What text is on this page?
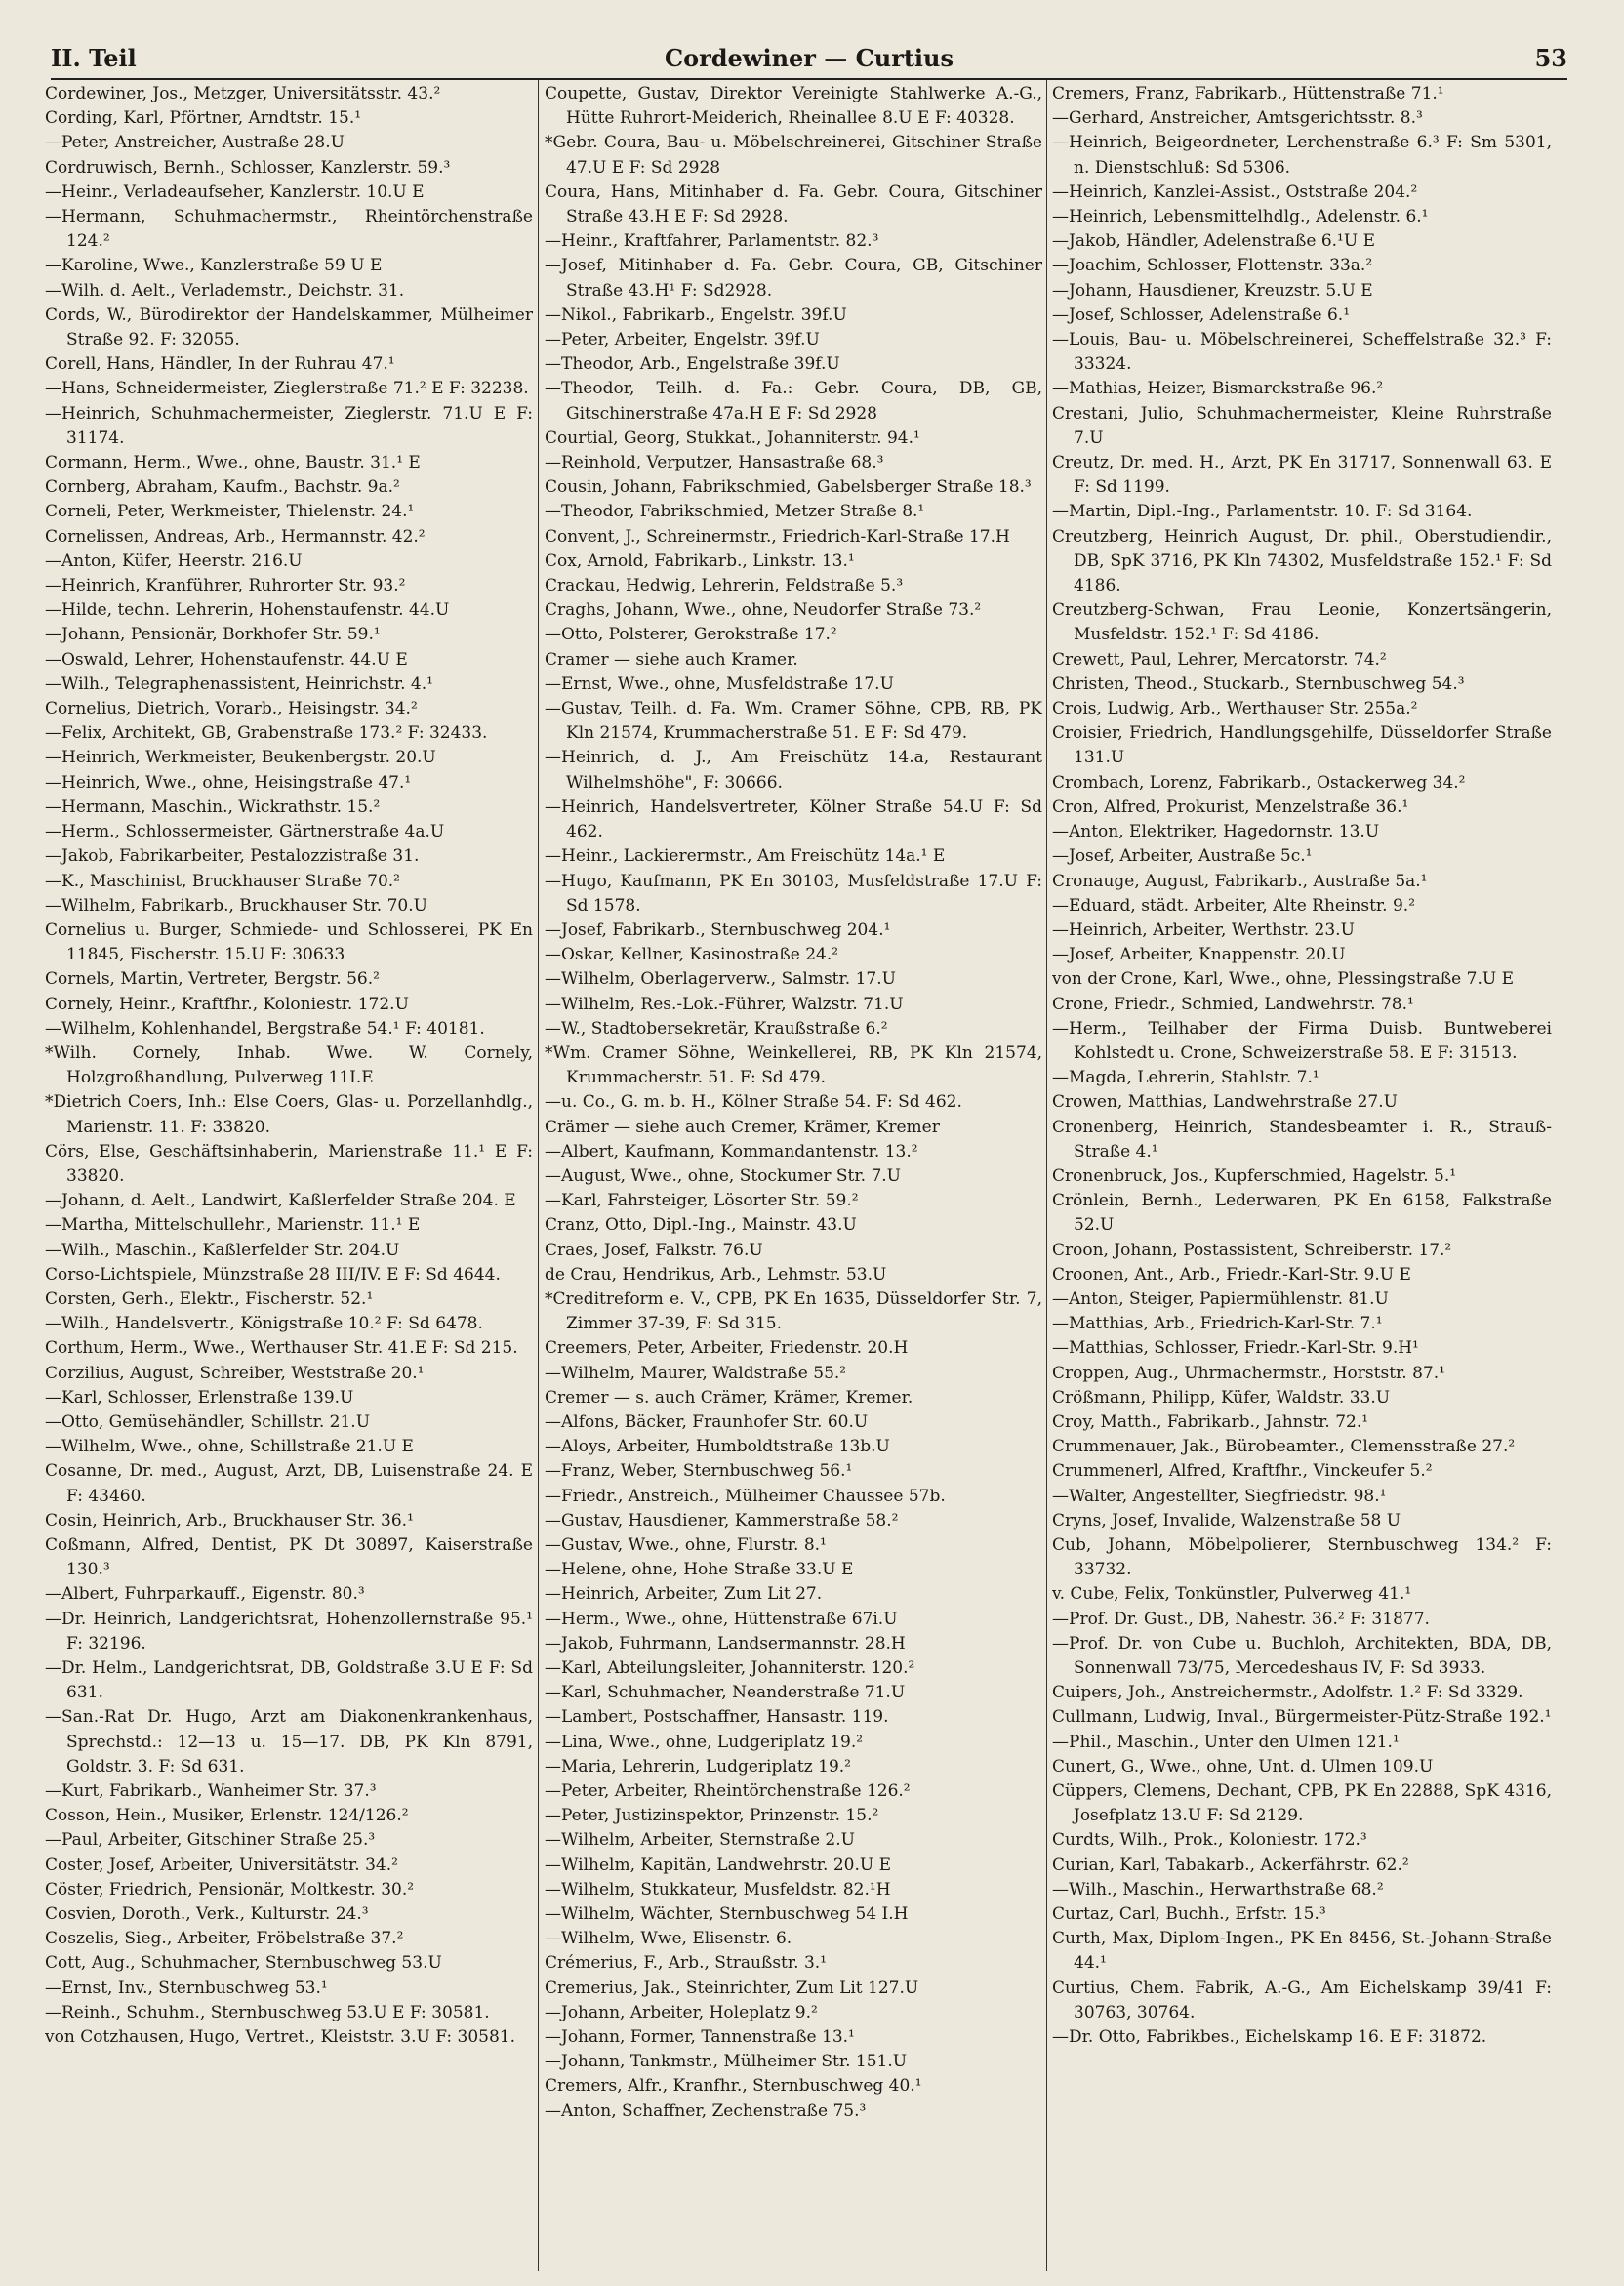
II. Teil	Cordewiner — Curtius	53

Cordewiner, Jos., Metzger, Universitätsstr. 43.²

Cording, Karl, Pförtner, Arndtstr. 15.¹

—Peter, Anstreicher, Austraße 28.U

Cordruwisch, Bernh., Schlosser, Kanzlerstr. 59.³

—Heinr., Verladeaufseher, Kanzlerstr. 10.U E

—Hermann, Schuhmachermstr., Rheintörchenstraße 124.²

—Karoline, Wwe., Kanzlerstraße 59 U E

—Wilh. d. Aelt., Verlademstr., Deichstr. 31.

Cords, W., Bürodirektor der Handelskammer, Mülheimer Straße 92. F: 32055.

Corell, Hans, Händler, In der Ruhrau 47.¹

—Hans, Schneidermeister, Zieglerstraße 71.² E F: 32238.

—Heinrich, Schuhmachermeister, Zieglerstr. 71.U E F: 31174.

Cormann, Herm., Wwe., ohne, Baustr. 31.¹ E

Cornberg, Abraham, Kaufm., Bachstr. 9a.²

Corneli, Peter, Werkmeister, Thielenstr. 24.¹

Cornelissen, Andreas, Arb., Hermannstr. 42.²

—Anton, Küfer, Heerstr. 216.U

—Heinrich, Kranführer, Ruhrorter Str. 93.²

—Hilde, techn. Lehrerin, Hohenstaufenstr. 44.U

—Johann, Pensionär, Borkhofer Str. 59.¹

—Oswald, Lehrer, Hohenstaufenstr. 44.U E

—Wilh., Telegraphenassistent, Heinrichstr. 4.¹

Cornelius, Dietrich, Vorarb., Heisingstr. 34.²

—Felix, Architekt, GB, Grabenstraße 173.² F: 32433.

—Heinrich, Werkmeister, Beukenbergstr. 20.U

—Heinrich, Wwe., ohne, Heisingstraße 47.¹

—Hermann, Maschin., Wickrathstr. 15.²

—Herm., Schlossermeister, Gärtnerstraße 4a.U

—Jakob, Fabrikarbeiter, Pestalozzistraße 31.

—K., Maschinist, Bruckhauser Straße 70.²

—Wilhelm, Fabrikarb., Bruckhauser Str. 70.U

Cornelius u. Burger, Schmiede- und Schlosserei, PK En 11845, Fischerstr. 15.U F: 30633

Cornels, Martin, Vertreter, Bergstr. 56.²

Cornely, Heinr., Kraftfhr., Koloniestr. 172.U

—Wilhelm, Kohlenhandel, Bergstraße 54.¹ F: 40181.

*Wilh. Cornely, Inhab. Wwe. W. Cornely, Holzgroßhandlung, Pulverweg 11I.E

*Dietrich Coers, Inh.: Else Coers, Glas- u. Porzellanhdlg., Marienstr. 11. F: 33820.

Cörs, Else, Geschäftsinhaberin, Marienstraße 11.¹ E F: 33820.

—Johann, d. Aelt., Landwirt, Kaßlerfelder Straße 204. E

—Martha, Mittelschullehr., Marienstr. 11.¹ E

—Wilh., Maschin., Kaßlerfelder Str. 204.U

Corso-Lichtspiele, Münzstraße 28 III/IV. E F: Sd 4644.

Corsten, Gerh., Elektr., Fischerstr. 52.¹

—Wilh., Handelsvertr., Königstraße 10.² F: Sd 6478.

Corthum, Herm., Wwe., Werthauser Str. 41.E F: Sd 215.

Corzilius, August, Schreiber, Weststraße 20.¹

—Karl, Schlosser, Erlenstraße 139.U

—Otto, Gemüsehändler, Schillstr. 21.U

—Wilhelm, Wwe., ohne, Schillstraße 21.U E

Cosanne, Dr. med., August, Arzt, DB, Luisenstraße 24. E F: 43460.

Cosin, Heinrich, Arb., Bruckhauser Str. 36.¹

Coßmann, Alfred, Dentist, PK Dt 30897, Kaiserstraße 130.³

—Albert, Fuhrparkauff., Eigenstr. 80.³

—Dr. Heinrich, Landgerichtsrat, Hohenzollernstraße 95.¹ F: 32196.

—Dr. Helm., Landgerichtsrat, DB, Goldstraße 3.U E F: Sd 631.

—San.-Rat Dr. Hugo, Arzt am Diakonenkrankenhaus, Sprechstd.: 12—13 u. 15—17. DB, PK Kln 8791, Goldstr. 3. F: Sd 631.

—Kurt, Fabrikarb., Wanheimer Str. 37.³

Cosson, Hein., Musiker, Erlenstr. 124/126.²

—Paul, Arbeiter, Gitschiner Straße 25.³

Coster, Josef, Arbeiter, Universitätstr. 34.²

Cöster, Friedrich, Pensionär, Moltkestr. 30.²

Cosvien, Doroth., Verk., Kulturstr. 24.³

Coszelis, Sieg., Arbeiter, Fröbelstraße 37.²

Cott, Aug., Schuhmacher, Sternbuschweg 53.U

—Ernst, Inv., Sternbuschweg 53.¹

—Reinh., Schuhm., Sternbuschweg 53.U E F: 30581.

von Cotzhausen, Hugo, Vertret., Kleiststr. 3.U F: 30581.

Coupette, Gustav, Direktor Vereinigte Stahlwerke A.-G., Hütte Ruhrort-Meiderich, Rheinallee 8.U E F: 40328.

*Gebr. Coura, Bau- u. Möbelschreinerei, Gitschiner Straße 47.U E F: Sd 2928

Coura, Hans, Mitinhaber d. Fa. Gebr. Coura, Gitschiner Straße 43.H E F: Sd 2928.

—Heinr., Kraftfahrer, Parlamentstr. 82.³

—Josef, Mitinhaber d. Fa. Gebr. Coura, GB, Gitschiner Straße 43.H¹ F: Sd2928.

—Nikol., Fabrikarb., Engelstr. 39f.U

—Peter, Arbeiter, Engelstr. 39f.U

—Theodor, Arb., Engelstraße 39f.U

—Theodor, Teilh. d. Fa.: Gebr. Coura, DB, GB, Gitschinerstraße 47a.H E F: Sd 2928

Courtial, Georg, Stukkat., Johanniterstr. 94.¹

—Reinhold, Verputzer, Hansastraße 68.³

Cousin, Johann, Fabrikschmied, Gabelsberger Straße 18.³

—Theodor, Fabrikschmied, Metzer Straße 8.¹

Convent, J., Schreinermstr., Friedrich-Karl-Straße 17.H

Cox, Arnold, Fabrikarb., Linkstr. 13.¹

Crackau, Hedwig, Lehrerin, Feldstraße 5.³

Craghs, Johann, Wwe., ohne, Neudorfer Straße 73.²

—Otto, Polsterer, Gerokstraße 17.²

Cramer — siehe auch Kramer.

—Ernst, Wwe., ohne, Musfeldstraße 17.U

—Gustav, Teilh. d. Fa. Wm. Cramer Söhne, CPB, RB, PK Kln 21574, Krummacherstraße 51. E F: Sd 479.

—Heinrich, d. J., Am Freischütz 14.a, Restaurant Wilhelmshöhe", F: 30666.

—Heinrich, Handelsvertreter, Kölner Straße 54.U F: Sd 462.

—Heinr., Lackierermstr., Am Freischütz 14a.¹ E

—Hugo, Kaufmann, PK En 30103, Musfeldstraße 17.U F: Sd 1578.

—Josef, Fabrikarb., Sternbuschweg 204.¹

—Oskar, Kellner, Kasinostraße 24.²

—Wilhelm, Oberlagerverw., Salmstr. 17.U

—Wilhelm, Res.-Lok.-Führer, Walzstr. 71.U

—W., Stadtobersekretär, Kraußstraße 6.²

*Wm. Cramer Söhne, Weinkellerei, RB, PK Kln 21574, Krummacherstr. 51. F: Sd 479.

—u. Co., G. m. b. H., Kölner Straße 54. F: Sd 462.

Crämer — siehe auch Cremer, Krämer, Kremer

—Albert, Kaufmann, Kommandantenstr. 13.²

—August, Wwe., ohne, Stockumer Str. 7.U

—Karl, Fahrsteiger, Lösorter Str. 59.²

Cranz, Otto, Dipl.-Ing., Mainstr. 43.U

Craes, Josef, Falkstr. 76.U

de Crau, Hendrikus, Arb., Lehmstr. 53.U

*Creditreform e. V., CPB, PK En 1635, Düsseldorfer Str. 7, Zimmer 37-39, F: Sd 315.

Creemers, Peter, Arbeiter, Friedenstr. 20.H

—Wilhelm, Maurer, Waldstraße 55.²

Cremer — s. auch Crämer, Krämer, Kremer.

—Alfons, Bäcker, Fraunhofer Str. 60.U

—Aloys, Arbeiter, Humboldtstraße 13b.U

—Franz, Weber, Sternbuschweg 56.¹

—Friedr., Anstreich., Mülheimer Chaussee 57b.

—Gustav, Hausdiener, Kammerstraße 58.²

—Gustav, Wwe., ohne, Flurstr. 8.¹

—Helene, ohne, Hohe Straße 33.U E

—Heinrich, Arbeiter, Zum Lit 27.

—Herm., Wwe., ohne, Hüttenstraße 67i.U

—Jakob, Fuhrmann, Landsermannstr. 28.H

—Karl, Abteilungsleiter, Johanniterstr. 120.²

—Karl, Schuhmacher, Neanderstraße 71.U

—Lambert, Postschaffner, Hansastr. 119.

—Lina, Wwe., ohne, Ludgeriplatz 19.²

—Maria, Lehrerin, Ludgeriplatz 19.²

—Peter, Arbeiter, Rheintörchenstraße 126.²

—Peter, Justizinspektor, Prinzenstr. 15.²

—Wilhelm, Arbeiter, Sternstraße 2.U

—Wilhelm, Kapitän, Landwehrstr. 20.U E

—Wilhelm, Stukkateur, Musfeldstr. 82.¹H

—Wilhelm, Wächter, Sternbuschweg 54 I.H

—Wilhelm, Wwe, Elisenstr. 6.

Crémerius, F., Arb., Straußstr. 3.¹

Cremerius, Jak., Steinrichter, Zum Lit 127.U

—Johann, Arbeiter, Holeplatz 9.²

—Johann, Former, Tannenstraße 13.¹

—Johann, Tankmstr., Mülheimer Str. 151.U

Cremers, Alfr., Kranfhr., Sternbuschweg 40.¹

—Anton, Schaffner, Zechenstraße 75.³

Cremers, Franz, Fabrikarb., Hüttenstraße 71.¹

—Gerhard, Anstreicher, Amtsgerichtsstr. 8.³

—Heinrich, Beigeordneter, Lerchenstraße 6.³ F: Sm 5301, n. Dienstschluß: Sd 5306.

—Heinrich, Kanzlei-Assist., Oststraße 204.²

—Heinrich, Lebensmittelhdlg., Adelenstr. 6.¹

—Jakob, Händler, Adelenstraße 6.¹U E

—Joachim, Schlosser, Flottenstr. 33a.²

—Johann, Hausdiener, Kreuzstr. 5.U E

—Josef, Schlosser, Adelenstraße 6.¹

—Louis, Bau- u. Möbelschreinerei, Scheffelstraße 32.³ F: 33324.

—Mathias, Heizer, Bismarckstraße 96.²

Crestani, Julio, Schuhmachermeister, Kleine Ruhrstraße 7.U

Creutz, Dr. med. H., Arzt, PK En 31717, Sonnenwall 63. E F: Sd 1199.

—Martin, Dipl.-Ing., Parlamentstr. 10. F: Sd 3164.

Creutzberg, Heinrich August, Dr. phil., Oberstudiendir., DB, SpK 3716, PK Kln 74302, Musfeldstraße 152.¹ F: Sd 4186.

Creutzberg-Schwan, Frau Leonie, Konzertsängerin, Musfeldstr. 152.¹ F: Sd 4186.

Crewett, Paul, Lehrer, Mercatorstr. 74.²

Christen, Theod., Stuckarb., Sternbuschweg 54.³

Crois, Ludwig, Arb., Werthauser Str. 255a.²

Croisier, Friedrich, Handlungsgehilfe, Düsseldorfer Straße 131.U

Crombach, Lorenz, Fabrikarb., Ostackerweg 34.²

Cron, Alfred, Prokurist, Menzelstraße 36.¹

—Anton, Elektriker, Hagedornstr. 13.U

—Josef, Arbeiter, Austraße 5c.¹

Cronauge, August, Fabrikarb., Austraße 5a.¹

—Eduard, städt. Arbeiter, Alte Rheinstr. 9.²

—Heinrich, Arbeiter, Werthstr. 23.U

—Josef, Arbeiter, Knappenstr. 20.U

von der Crone, Karl, Wwe., ohne, Plessingstraße 7.U E

Crone, Friedr., Schmied, Landwehrstr. 78.¹

—Herm., Teilhaber der Firma Duisb. Buntweberei Kohlstedt u. Crone, Schweizerstraße 58. E F: 31513.

—Magda, Lehrerin, Stahlstr. 7.¹

Crowen, Matthias, Landwehrstraße 27.U

Cronenberg, Heinrich, Standesbeamter i. R., Strauß-Straße 4.¹

Cronenbruck, Jos., Kupferschmied, Hagelstr. 5.¹

Crönlein, Bernh., Lederwaren, PK En 6158, Falkstraße 52.U

Croon, Johann, Postassistent, Schreiberstr. 17.²

Croonen, Ant., Arb., Friedr.-Karl-Str. 9.U E

—Anton, Steiger, Papiermühlenstr. 81.U

—Matthias, Arb., Friedrich-Karl-Str. 7.¹

—Matthias, Schlosser, Friedr.-Karl-Str. 9.H¹

Croppen, Aug., Uhrmachermstr., Horststr. 87.¹

Crößmann, Philipp, Küfer, Waldstr. 33.U

Croy, Matth., Fabrikarb., Jahnstr. 72.¹

Crummenauer, Jak., Bürobeamter., Clemensstraße 27.²

Crummenerl, Alfred, Kraftfhr., Vinckeufer 5.²

—Walter, Angestellter, Siegfriedstr. 98.¹

Cryns, Josef, Invalide, Walzenstraße 58 U

Cub, Johann, Möbelpolierer, Sternbuschweg 134.² F: 33732.

v. Cube, Felix, Tonkünstler, Pulverweg 41.¹

—Prof. Dr. Gust., DB, Nahestr. 36.² F: 31877.

—Prof. Dr. von Cube u. Buchloh, Architekten, BDA, DB, Sonnenwall 73/75, Mercedeshaus IV, F: Sd 3933.

Cuipers, Joh., Anstreichermstr., Adolfstr. 1.² F: Sd 3329.

Cullmann, Ludwig, Inval., Bürgermeister-Pütz-Straße 192.¹

—Phil., Maschin., Unter den Ulmen 121.¹

Cunert, G., Wwe., ohne, Unt. d. Ulmen 109.U

Cüppers, Clemens, Dechant, CPB, PK En 22888, SpK 4316, Josefplatz 13.U F: Sd 2129.

Curdts, Wilh., Prok., Koloniestr. 172.³

Curian, Karl, Tabakarb., Ackerfährstr. 62.²

—Wilh., Maschin., Herwarthstraße 68.²

Curtaz, Carl, Buchh., Erfstr. 15.³

Curth, Max, Diplom-Ingen., PK En 8456, St.-Johann-Straße 44.¹

Curtius, Chem. Fabrik, A.-G., Am Eichelskamp 39/41 F: 30763, 30764.

—Dr. Otto, Fabrikbes., Eichelskamp 16. E F: 31872.
